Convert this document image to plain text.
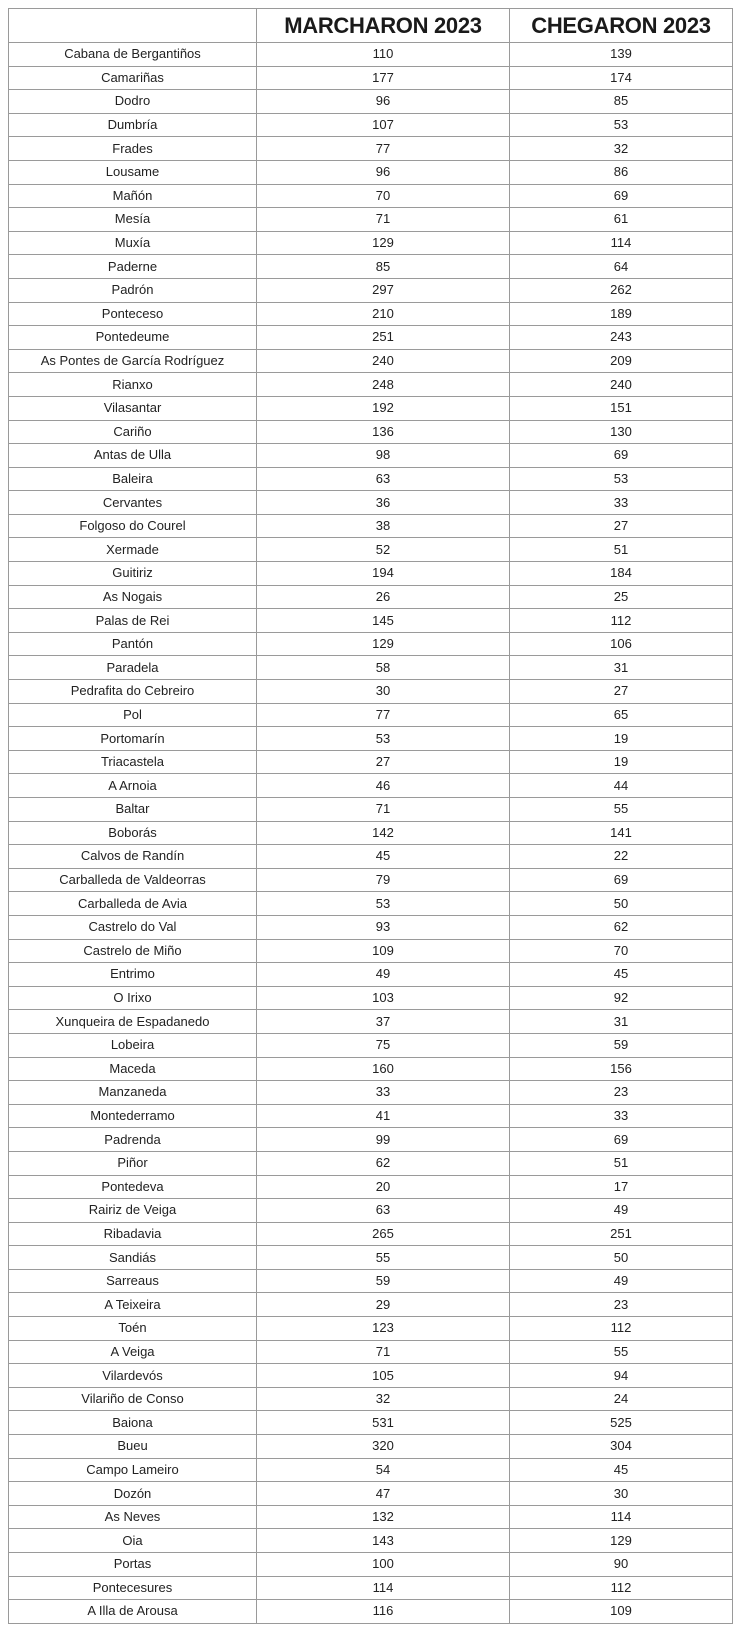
	MARCHARON 2023	CHEGARON 2023
Cabana de Bergantiños	110	139
Camariñas	177	174
Dodro	96	85
Dumbría	107	53
Frades	77	32
Lousame	96	86
Mañón	70	69
Mesía	71	61
Muxía	129	114
Paderne	85	64
Padrón	297	262
Ponteceso	210	189
Pontedeume	251	243
As Pontes de García Rodríguez	240	209
Rianxo	248	240
Vilasantar	192	151
Cariño	136	130
Antas de Ulla	98	69
Baleira	63	53
Cervantes	36	33
Folgoso do Courel	38	27
Xermade	52	51
Guitiriz	194	184
As Nogais	26	25
Palas de Rei	145	112
Pantón	129	106
Paradela	58	31
Pedrafita do Cebreiro	30	27
Pol	77	65
Portomarín	53	19
Triacastela	27	19
A Arnoia	46	44
Baltar	71	55
Boborás	142	141
Calvos de Randín	45	22
Carballeda de Valdeorras	79	69
Carballeda de Avia	53	50
Castrelo do Val	93	62
Castrelo de Miño	109	70
Entrimo	49	45
O Irixo	103	92
Xunqueira de Espadanedo	37	31
Lobeira	75	59
Maceda	160	156
Manzaneda	33	23
Montederramo	41	33
Padrenda	99	69
Piñor	62	51
Pontedeva	20	17
Rairiz de Veiga	63	49
Ribadavia	265	251
Sandiás	55	50
Sarreaus	59	49
A Teixeira	29	23
Toén	123	112
A Veiga	71	55
Vilardevós	105	94
Vilariño de Conso	32	24
Baiona	531	525
Bueu	320	304
Campo Lameiro	54	45
Dozón	47	30
As Neves	132	114
Oia	143	129
Portas	100	90
Pontecesures	114	112
A Illa de Arousa	116	109
